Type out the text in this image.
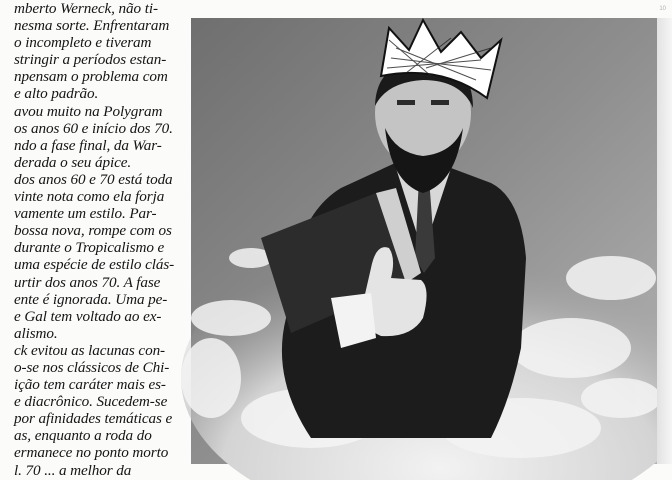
mberto Werneck, não ti-

nesma sorte. Enfrentaram

o incompleto e tiveram

stringir a períodos estan-

npensam o problema com

e alto padrão.

avou muito na Polygram

os anos 60 e início dos 70.

ndo a fase final, da War-

derada o seu ápice.

dos anos 60 e 70 está toda

vinte nota como ela forja

vamente um estilo. Par-

bossa nova, rompe com os

durante o Tropicalismo e

uma espécie de estilo clás-

urtir dos anos 70. A fase

ente é ignorada. Uma pe-

e Gal tem voltado ao ex-

alismo.

ck evitou as lacunas con-

o-se nos clássicos de Chi-

ição tem caráter mais es-

e diacrônico. Sucedem-se

por afinidades temáticas e

as, enquanto a roda do

ermanece no ponto morto

l. 70 ... a melhor da

10
